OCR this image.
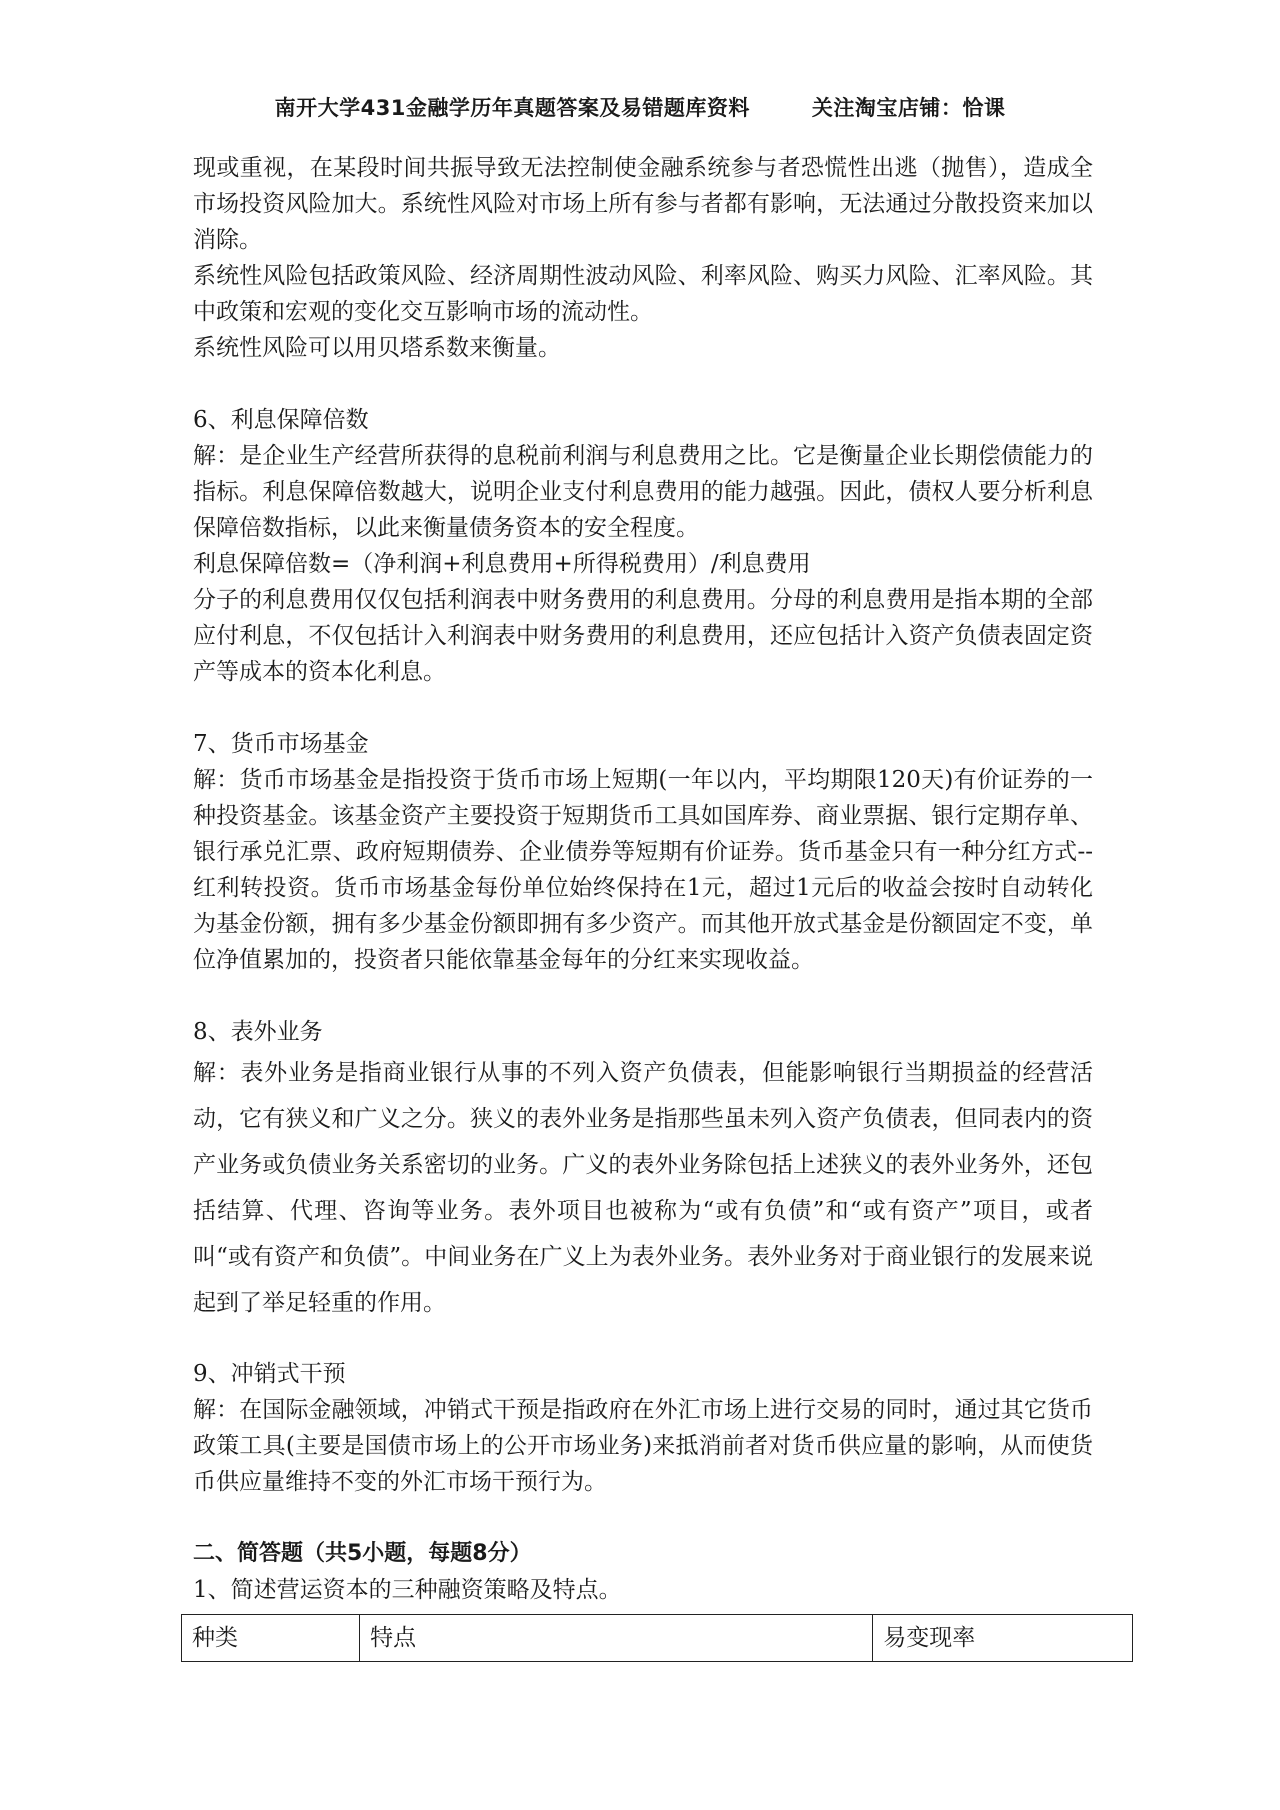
南开大学431金融学历年真题答案及易错题库资料	关注淘宝店铺：恰课

现或重视，在某段时间共振导致无法控制使金融系统参与者恐慌性出逃（抛售），造成全市场投资风险加大。系统性风险对市场上所有参与者都有影响，无法通过分散投资来加以消除。

系统性风险包括政策风险、经济周期性波动风险、利率风险、购买力风险、汇率风险。其中政策和宏观的变化交互影响市场的流动性。

系统性风险可以用贝塔系数来衡量。

6、利息保障倍数

解：是企业生产经营所获得的息税前利润与利息费用之比。它是衡量企业长期偿债能力的指标。利息保障倍数越大，说明企业支付利息费用的能力越强。因此，债权人要分析利息保障倍数指标，以此来衡量债务资本的安全程度。

利息保障倍数=（净利润+利息费用+所得税费用）/利息费用

分子的利息费用仅仅包括利润表中财务费用的利息费用。分母的利息费用是指本期的全部应付利息，不仅包括计入利润表中财务费用的利息费用，还应包括计入资产负债表固定资产等成本的资本化利息。

7、货币市场基金

解：货币市场基金是指投资于货币市场上短期(一年以内，平均期限120天)有价证券的一种投资基金。该基金资产主要投资于短期货币工具如国库券、商业票据、银行定期存单、银行承兑汇票、政府短期债券、企业债券等短期有价证券。货币基金只有一种分红方式--红利转投资。货币市场基金每份单位始终保持在1元，超过1元后的收益会按时自动转化为基金份额，拥有多少基金份额即拥有多少资产。而其他开放式基金是份额固定不变，单位净值累加的，投资者只能依靠基金每年的分红来实现收益。

8、表外业务

解：表外业务是指商业银行从事的不列入资产负债表，但能影响银行当期损益的经营活动，它有狭义和广义之分。狭义的表外业务是指那些虽未列入资产负债表，但同表内的资产业务或负债业务关系密切的业务。广义的表外业务除包括上述狭义的表外业务外，还包括结算、代理、咨询等业务。表外项目也被称为“或有负债”和“或有资产”项目，或者叫“或有资产和负债”。中间业务在广义上为表外业务。表外业务对于商业银行的发展来说起到了举足轻重的作用。

9、冲销式干预

解：在国际金融领域，冲销式干预是指政府在外汇市场上进行交易的同时，通过其它货币政策工具(主要是国债市场上的公开市场业务)来抵消前者对货币供应量的影响，从而使货币供应量维持不变的外汇市场干预行为。

二、简答题（共5小题，每题8分）

1、简述营运资本的三种融资策略及特点。

种类	特点	易变现率
